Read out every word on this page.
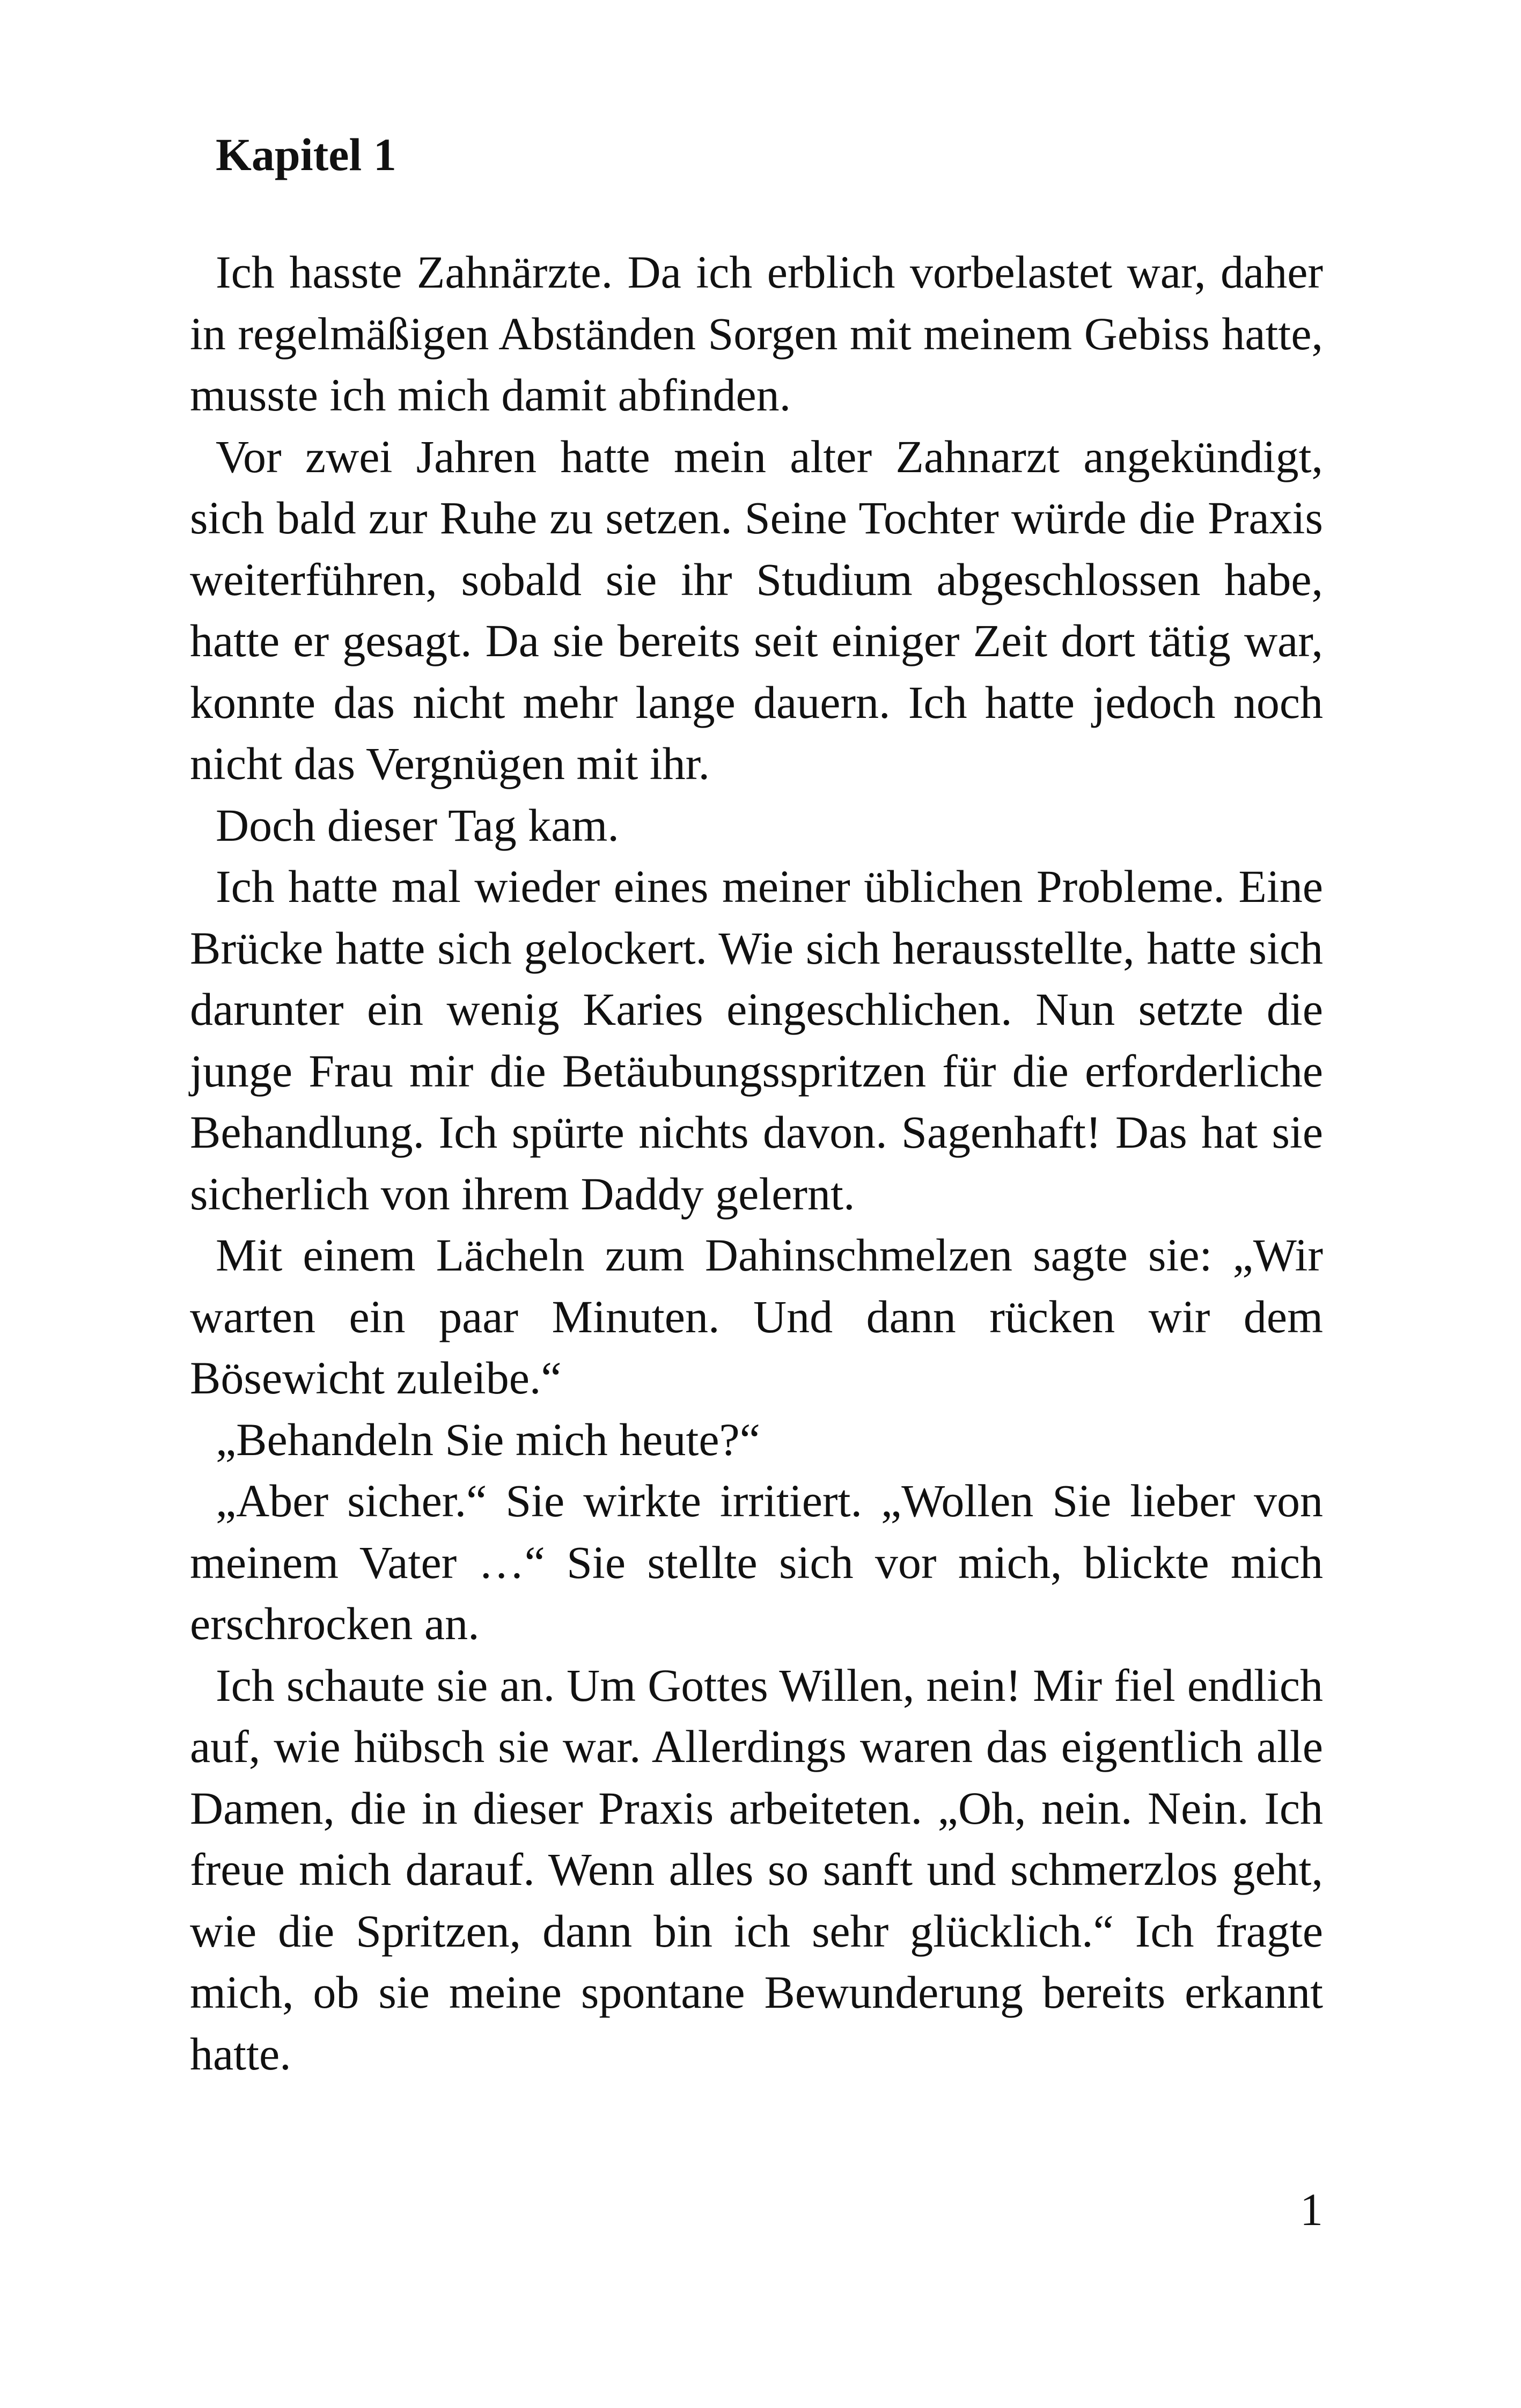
Kapitel 1

Ich hasste Zahnärzte. Da ich erblich vorbelastet war, daher in regelmäßigen Abständen Sorgen mit meinem Gebiss hatte, musste ich mich damit abfinden.

Vor zwei Jahren hatte mein alter Zahnarzt angekündigt, sich bald zur Ruhe zu setzen. Seine Tochter würde die Praxis weiterführen, sobald sie ihr Studium abgeschlossen habe, hatte er gesagt. Da sie bereits seit einiger Zeit dort tätig war, konnte das nicht mehr lange dauern. Ich hatte jedoch noch nicht das Vergnügen mit ihr.

Doch dieser Tag kam.

Ich hatte mal wieder eines meiner üblichen Probleme. Eine Brücke hatte sich gelockert. Wie sich herausstellte, hatte sich darunter ein wenig Karies eingeschlichen. Nun setzte die junge Frau mir die Betäubungsspritzen für die erforderliche Behandlung. Ich spürte nichts davon. Sagenhaft! Das hat sie sicherlich von ihrem Daddy gelernt.

Mit einem Lächeln zum Dahinschmelzen sagte sie: „Wir warten ein paar Minuten. Und dann rücken wir dem Bösewicht zuleibe.“

„Behandeln Sie mich heute?“

„Aber sicher.“ Sie wirkte irritiert. „Wollen Sie lieber von meinem Vater …“ Sie stellte sich vor mich, blickte mich erschrocken an.

Ich schaute sie an. Um Gottes Willen, nein! Mir fiel endlich auf, wie hübsch sie war. Allerdings waren das eigentlich alle Damen, die in dieser Praxis arbeiteten. „Oh, nein. Nein. Ich freue mich darauf. Wenn alles so sanft und schmerzlos geht, wie die Spritzen, dann bin ich sehr glücklich.“ Ich fragte mich, ob sie meine spontane Bewunderung bereits erkannt hatte.

1
